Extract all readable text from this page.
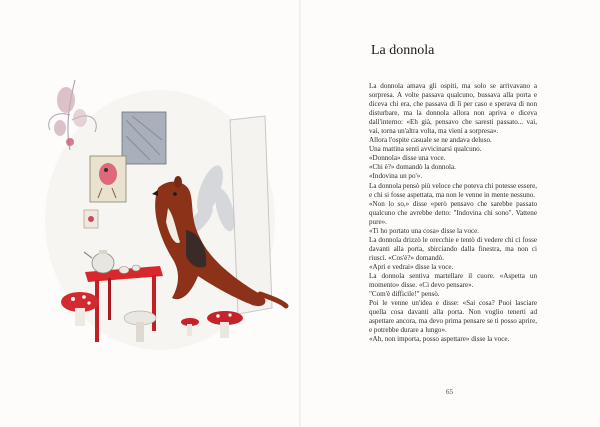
La donnola

La donnola amava gli ospiti, ma solo se arrivavano a sorpresa. A volte passava qualcuno, bussava alla porta e diceva chi era, che passava di lì per caso e sperava di non disturbare, ma la donnola allora non apriva e diceva dall'interno: «Eh già, pensavo che saresti passato... vai, vai, torna un'altra volta, ma vieni a sorpresa».

Allora l'ospite casuale se ne andava deluso.

Una mattina sentì avvicinarsi qualcuno.

«Donnola» disse una voce.

«Chi è?» domandò la donnola.

«Indovina un po'».

La donnola pensò più veloce che poteva chi potesse essere, e chi si fosse aspettata, ma non le venne in mente nessuno.

«Non lo so,» disse «però pensavo che sarebbe passato qualcuno che avrebbe detto: "Indovina chi sono". Vattene pure».

«Ti ho portato una cosa» disse la voce.

La donnola drizzò le orecchie e tentò di vedere chi ci fosse davanti alla porta, sbirciando dalla finestra, ma non ci riuscì. «Cos'è?» domandò.

«Apri e vedrai» disse la voce.

La donnola sentiva martellare il cuore. «Aspetta un momento» disse. «Ci devo pensare».

"Com'è difficile!" pensò.

Poi le venne un'idea e disse: «Sai cosa? Puoi lasciare quella cosa davanti alla porta. Non voglio tenerti ad aspettare ancora, ma devo prima pensare se ti posso aprire, e potrebbe durare a lungo».

«Ah, non importa, posso aspettare» disse la voce.

65
